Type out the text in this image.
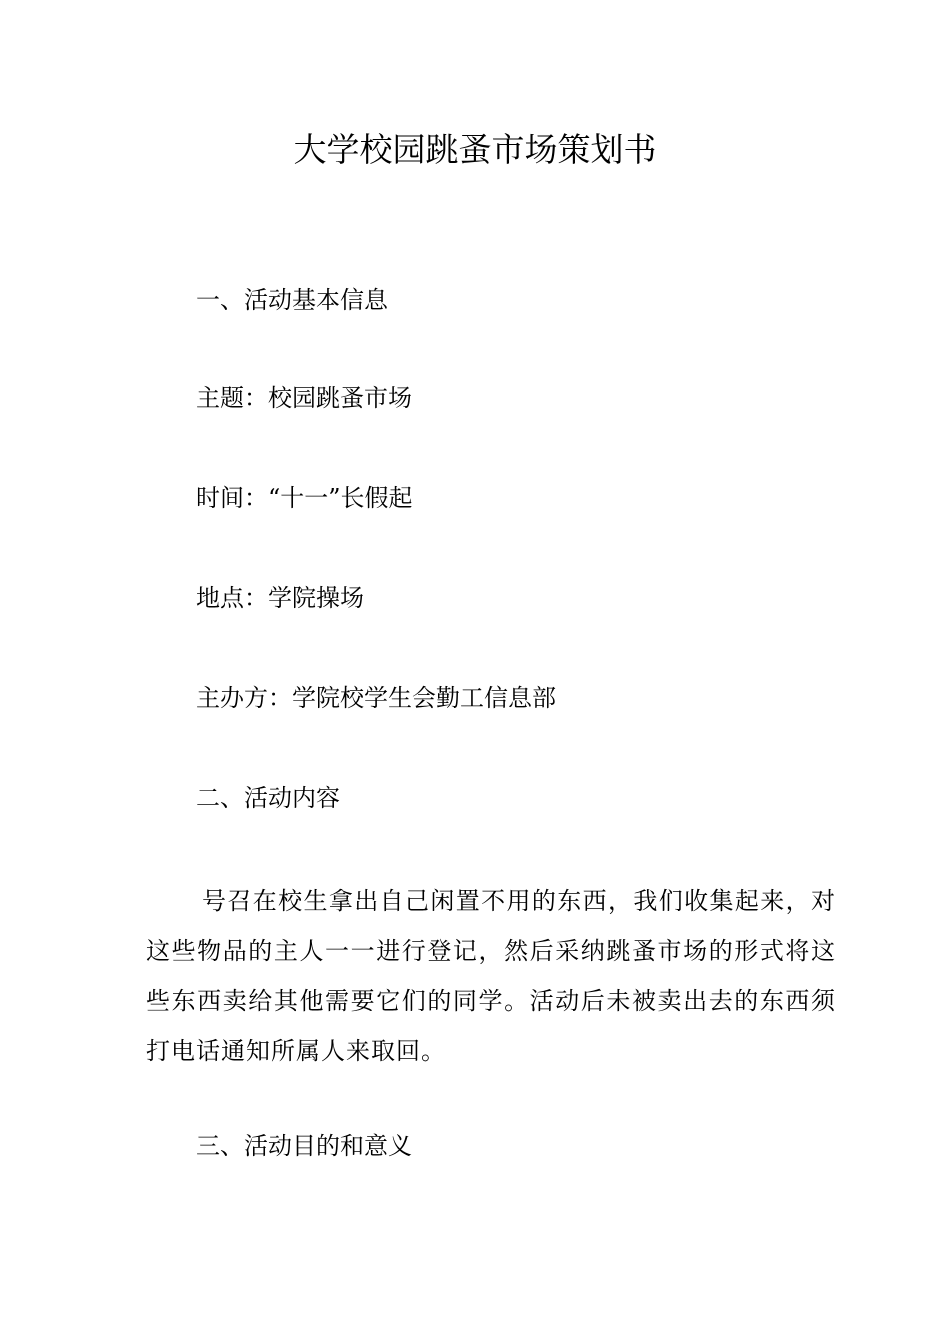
大学校园跳蚤市场策划书
一、活动基本信息
主题：校园跳蚤市场
时间：“十一”长假起
地点：学院操场
主办方：学院校学生会勤工信息部
二、活动内容
号召在校生拿出自己闲置不用的东西，我们收集起来，对这些物品的主人一一进行登记，然后采纳跳蚤市场的形式将这些东西卖给其他需要它们的同学。活动后未被卖出去的东西须打电话通知所属人来取回。
三、活动目的和意义
